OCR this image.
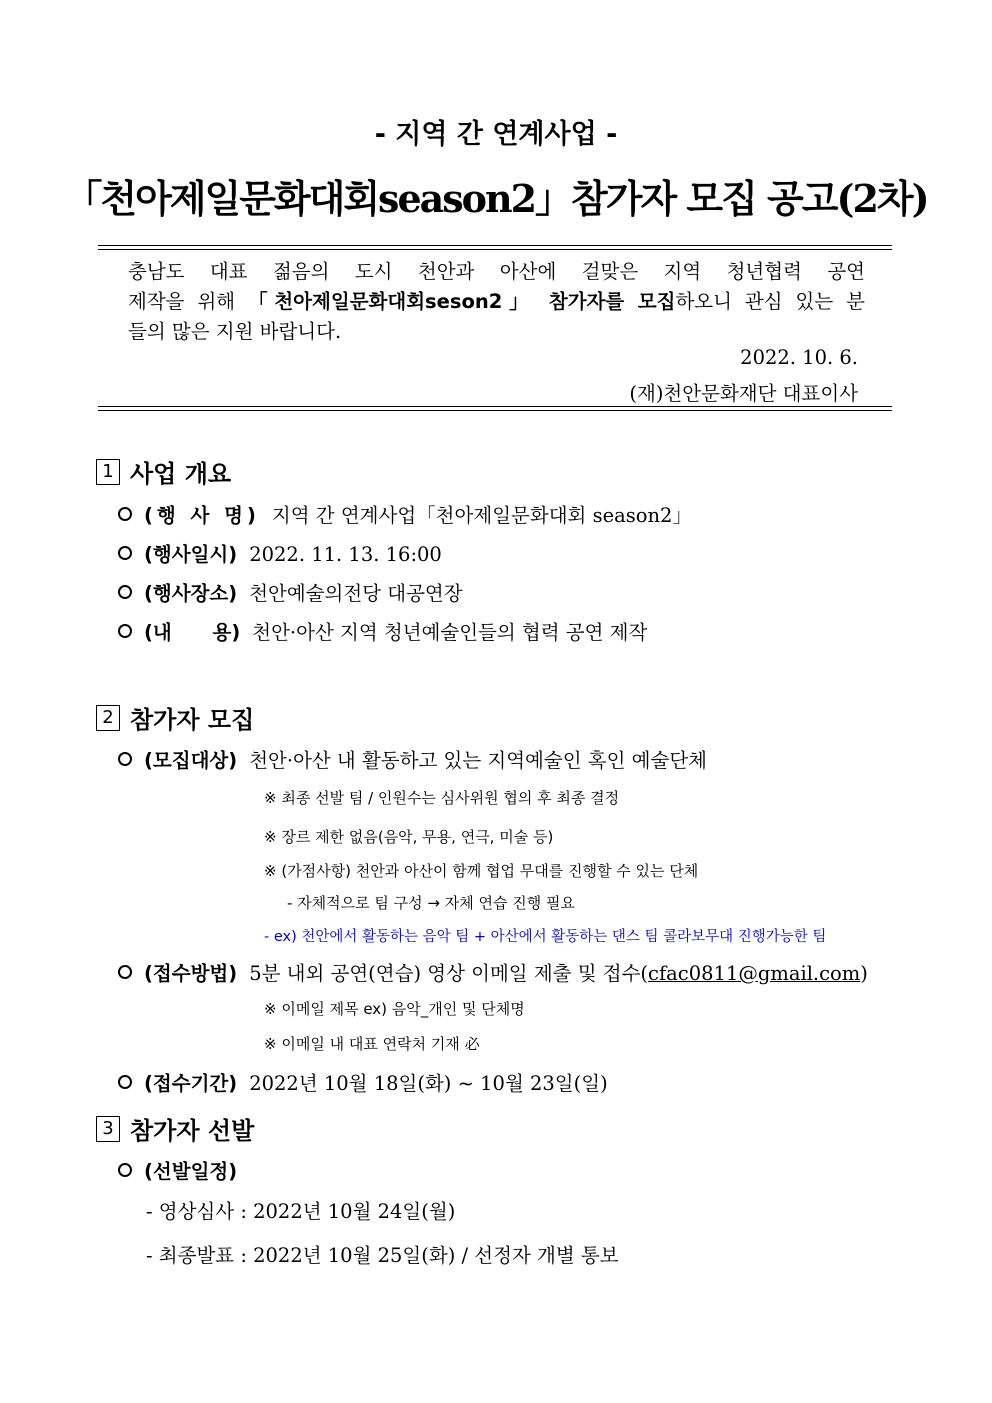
- 지역 간 연계사업 -
「천아제일문화대회season2」참가자 모집 공고(2차)
충남도 대표 젊음의 도시 천안과 아산에 걸맞은 지역 청년협력 공연
제작을 위해 「천아제일문화대회seson2」 참가자를 모집하오니 관심 있는 분
들의 많은 지원 바랍니다.
2022. 10. 6.
(재)천안문화재단 대표이사
1 사업 개요
(행 사 명) 지역 간 연계사업「천아제일문화대회 season2」
(행사일시) 2022. 11. 13. 16:00
(행사장소) 천안예술의전당 대공연장
(내      용) 천안·아산 지역 청년예술인들의 협력 공연 제작
2 참가자 모집
(모집대상) 천안·아산 내 활동하고 있는 지역예술인 혹인 예술단체
※ 최종 선발 팀 / 인원수는 심사위원 협의 후 최종 결정
※ 장르 제한 없음(음악, 무용, 연극, 미술 등)
※ (가점사항) 천안과 아산이 함께 협업 무대를 진행할 수 있는 단체
- 자체적으로 팀 구성 → 자체 연습 진행 필요
- ex) 천안에서 활동하는 음악 팀 + 아산에서 활동하는 댄스 팀 콜라보무대 진행가능한 팀
(접수방법) 5분 내외 공연(연습) 영상 이메일 제출 및 접수( cfac0811@gmail.com )
※ 이메일 제목 ex) 음악_개인 및 단체명
※ 이메일 내 대표 연락처 기재 必
(접수기간) 2022년 10월 18일(화) ~ 10월 23일(일)
3 참가자 선발
(선발일정)
- 영상심사 : 2022년 10월 24일(월)
- 최종발표 : 2022년 10월 25일(화) / 선정자 개별 통보
